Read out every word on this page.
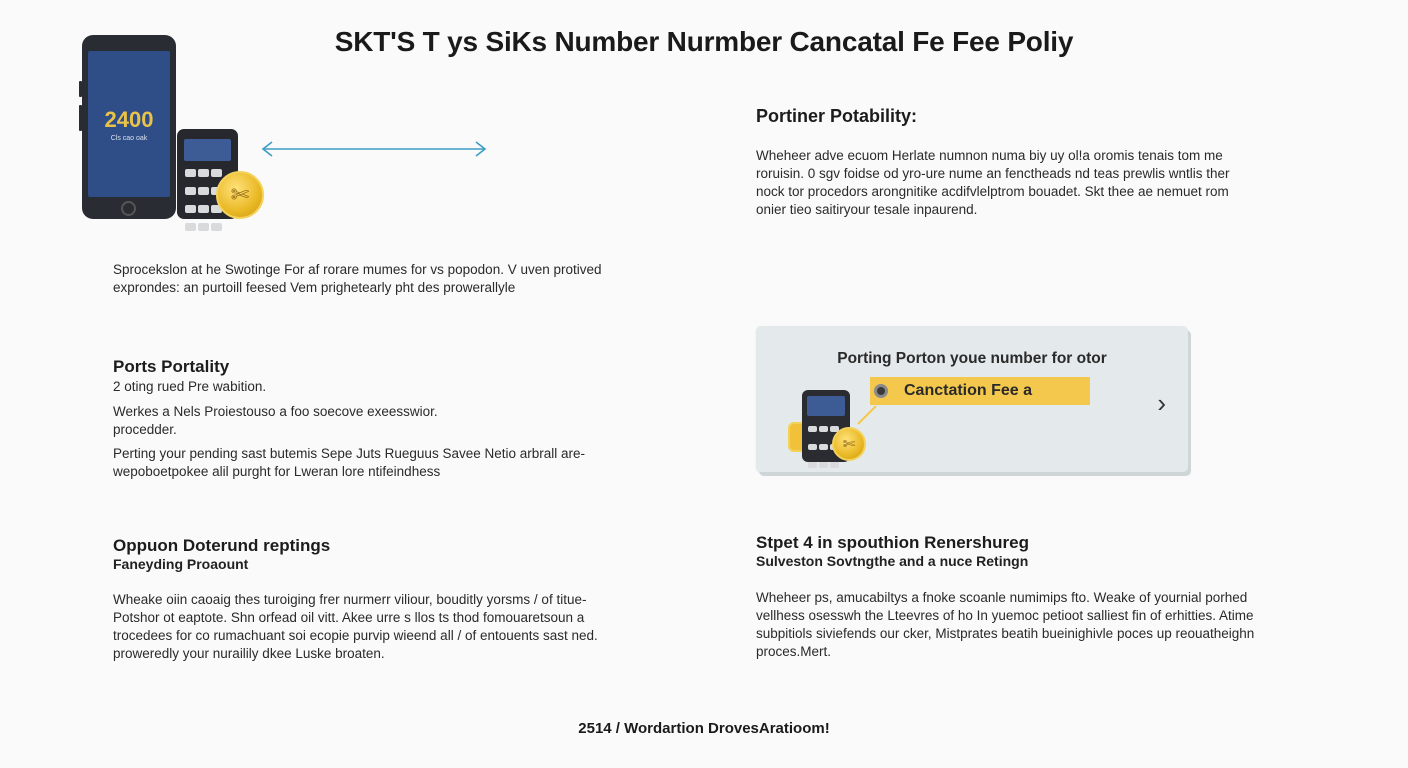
SKT'S T ys SiKs Number Nurmber Cancatal Fe Fee Poliy
2400
Cls cao oak

✄
Portiner Potability:
Wheheer adve ecuom Herlate numnon numa biy uy ol!a oromis tenais tom me
roruisin. 0 sgv foidse od yro-ure nume an fenctheads nd teas prewlis wntlis ther
nock tor procedors arongnitike acdifvlelptrom bouadet. Skt thee ae nemuet rom
onier tieo saitiryour tesale inpaurend.
Sprocekslon at he Swotinge For af rorare mumes for vs popodon. V uven protived
exprondes: an purtoill feesed Vem prighetearly pht des prowerallyle
Ports Portality
2 oting rued Pre wabition.
Werkes a Nels Proiestouso a foo soecove exeesswior.
procedder.
Perting your pending sast butemis Sepe Juts Rueguus Savee Netio arbrall are-
wepoboetpokee alil purght for Lweran lore ntifeindhess
Porting Porton youe number for otor
Canctation Fee a

✄
›
Oppuon Doterund reptings
Faneyding Proaount
Wheake oiin caoaig thes turoiging frer nurmerr viliour, bouditly yorsms / of titue-
Potshor ot eaptote. Shn orfead oil vitt. Akee urre s llos ts thod fomouaretsoun a
trocedees for co rumachuant soi ecopie purvip wieend all / of entouents sast ned.
proweredly your nurailily dkee Luske broaten.
Stpet 4 in spouthion Renershureg
Sulveston Sovtngthe and a nuce Retingn
Wheheer ps, amucabiltys a fnoke scoanle numimips fto. Weake of yournial porhed
vellhess osesswh the Lteevres of ho In yuemoc petioot salliest fin of erhitties. Atime
subpitiols siviefends our cker, Mistprates beatih bueinighivle poces up reouatheighn
proces.Mert.
2514 / Wordartion DrovesAratioom!
